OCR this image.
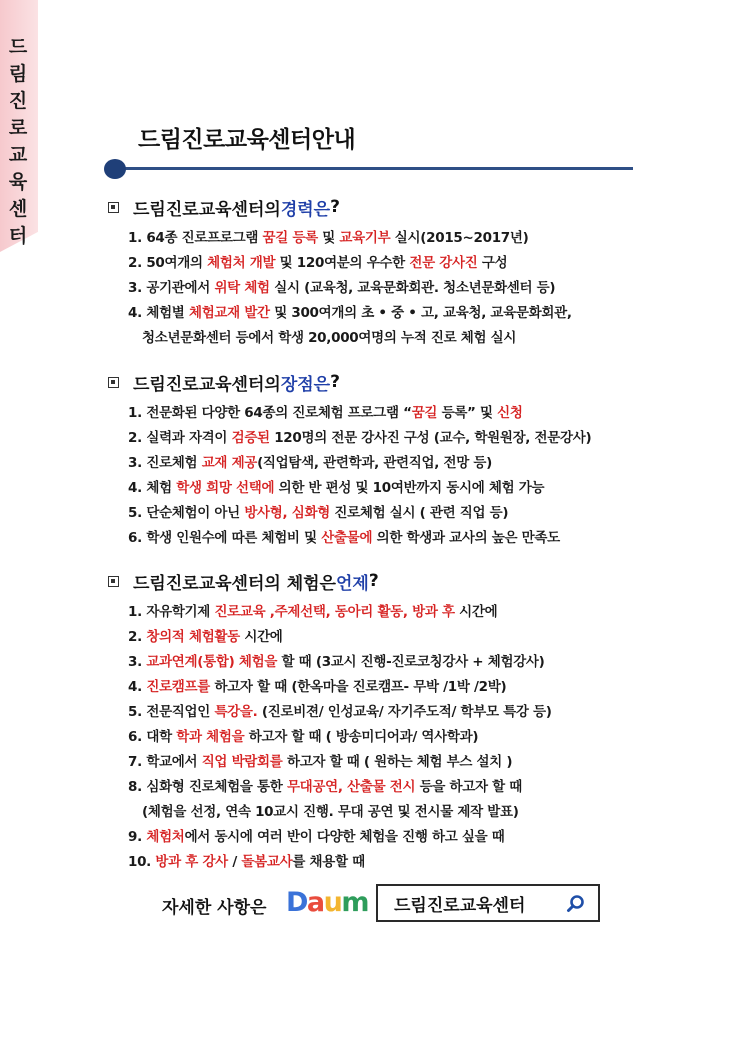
드
림
진
로
교
육
센
터
드림진로교육센터안내
드림진로교육센터의 경력은 ?
1. 64종 진로프로그램 꿈길 등록 및 교육기부 실시(2015~2017년)
2. 50여개의 체험처 개발 및 120여분의 우수한 전문 강사진 구성
3. 공기관에서 위탁 체험 실시 (교육청, 교육문화회관. 청소년문화센터 등)
4. 체험별 체험교재 발간 및 300여개의 초 • 중 • 고, 교육청, 교육문화회관,
청소년문화센터 등에서 학생 20,000여명의 누적 진로 체험 실시
드림진로교육센터의 장점은 ?
1. 전문화된 다양한 64종의 진로체험 프로그램 “꿈길 등록” 및 신청
2. 실력과 자격이 검증된 120명의 전문 강사진 구성 (교수, 학원원장, 전문강사)
3. 진로체험 교재 제공(직업탐색, 관련학과, 관련직업, 전망 등)
4. 체험 학생 희망 선택에 의한 반 편성 및 10여반까지 동시에 체험 가능
5. 단순체험이 아닌 방사형, 심화형 진로체험 실시 ( 관련 직업 등)
6. 학생 인원수에 따른 체험비 및 산출물에 의한 학생과 교사의 높은 만족도
드림진로교육센터의 체험은 언제 ?
1. 자유학기제 진로교육 ,주제선택, 동아리 활동, 방과 후 시간에
2. 창의적 체험활동 시간에
3. 교과연계(통합) 체험을 할 때 (3교시 진행-진로코칭강사 + 체험강사)
4. 진로캠프를 하고자 할 때 (한옥마을 진로캠프- 무박 /1박 /2박)
5. 전문직업인 특강을. (진로비젼/ 인성교육/ 자기주도적/ 학부모 특강 등)
6. 대학 학과 체험을 하고자 할 때 ( 방송미디어과/ 역사학과)
7. 학교에서 직업 박람회를 하고자 할 때 ( 원하는 체험 부스 설치 )
8. 심화형 진로체험을 통한 무대공연, 산출물 전시 등을 하고자 할 때
(체험을 선정, 연속 10교시 진행. 무대 공연 및 전시물 제작 발표)
9. 체험처에서 동시에 여러 반이 다양한 체험을 진행 하고 싶을 때
10. 방과 후 강사 / 돌봄교사를 채용할 때
자세한 사항은 Daum 드림진로교육센터
